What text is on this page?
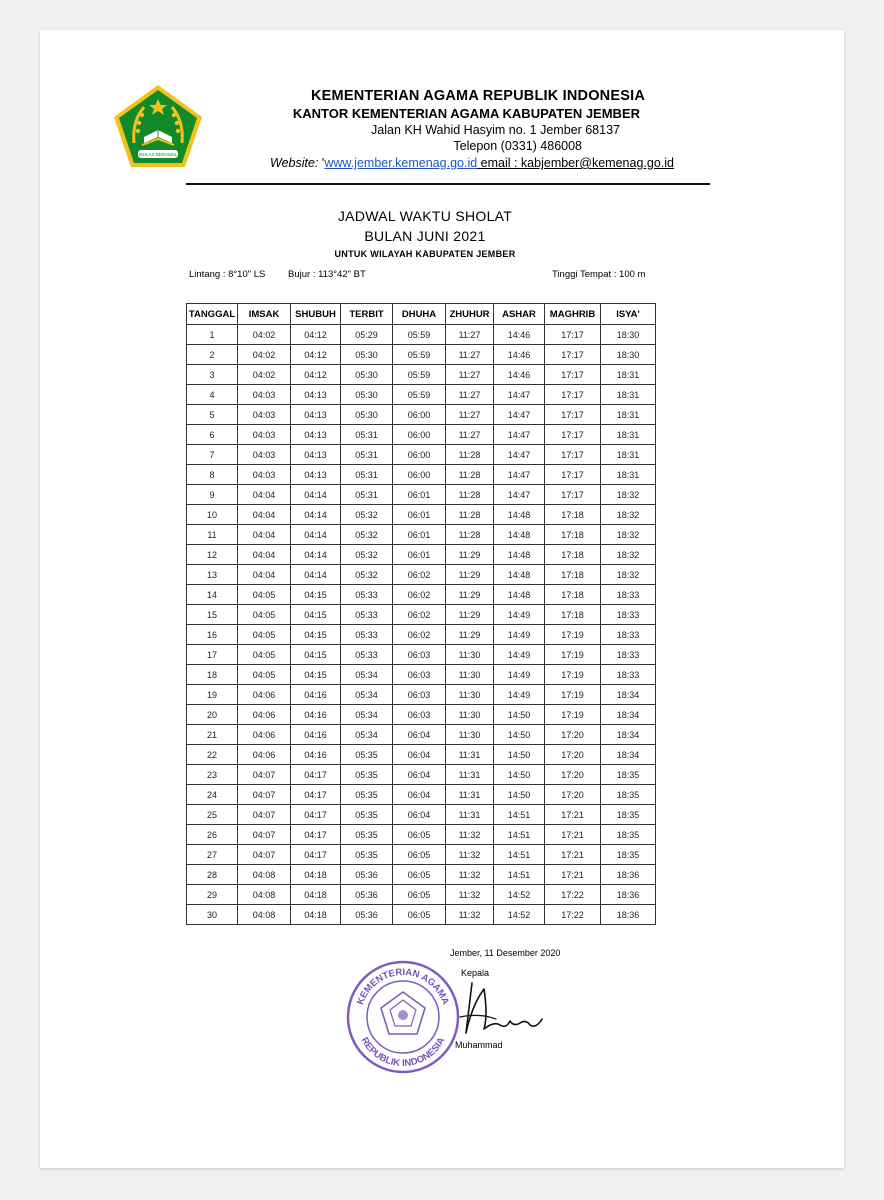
IKHLAS BERAMAL
KEMENTERIAN AGAMA REPUBLIK INDONESIA
KANTOR KEMENTERIAN AGAMA KABUPATEN JEMBER
Jalan KH Wahid Hasyim no. 1 Jember 68137
Telepon (0331) 486008
Website: 'www.jember.kemenag.go.id email : kabjember@kemenag.go.id
JADWAL WAKTU SHOLAT
BULAN JUNI 2021
UNTUK WILAYAH KABUPATEN JEMBER
Lintang : 8°10" LS Bujur : 113°42" BT	Tinggi Tempat : 100 m
TANGGAL	IMSAK	SHUBUH	TERBIT	DHUHA	ZHUHUR	ASHAR	MAGHRIB	ISYA'
1	04:02	04:12	05:29	05:59	11:27	14:46	17:17	18:30
2	04:02	04:12	05:30	05:59	11:27	14:46	17:17	18:30
3	04:02	04:12	05:30	05:59	11:27	14:46	17:17	18:31
4	04:03	04:13	05:30	05:59	11:27	14:47	17:17	18:31
5	04:03	04:13	05:30	06:00	11:27	14:47	17:17	18:31
6	04:03	04:13	05:31	06:00	11:27	14:47	17:17	18:31
7	04:03	04:13	05:31	06:00	11:28	14:47	17:17	18:31
8	04:03	04:13	05:31	06:00	11:28	14:47	17:17	18:31
9	04:04	04:14	05:31	06:01	11:28	14:47	17:17	18:32
10	04:04	04:14	05:32	06:01	11:28	14:48	17:18	18:32
11	04:04	04:14	05:32	06:01	11:28	14:48	17:18	18:32
12	04:04	04:14	05:32	06:01	11:29	14:48	17:18	18:32
13	04:04	04:14	05:32	06:02	11:29	14:48	17:18	18:32
14	04:05	04:15	05:33	06:02	11:29	14:48	17:18	18:33
15	04:05	04:15	05:33	06:02	11:29	14:49	17:18	18:33
16	04:05	04:15	05:33	06:02	11:29	14:49	17:19	18:33
17	04:05	04:15	05:33	06:03	11:30	14:49	17:19	18:33
18	04:05	04:15	05:34	06:03	11:30	14:49	17:19	18:33
19	04:06	04:16	05:34	06:03	11:30	14:49	17:19	18:34
20	04:06	04:16	05:34	06:03	11:30	14:50	17:19	18:34
21	04:06	04:16	05:34	06:04	11:30	14:50	17:20	18:34
22	04:06	04:16	05:35	06:04	11:31	14:50	17:20	18:34
23	04:07	04:17	05:35	06:04	11:31	14:50	17:20	18:35
24	04:07	04:17	05:35	06:04	11:31	14:50	17:20	18:35
25	04:07	04:17	05:35	06:04	11:31	14:51	17:21	18:35
26	04:07	04:17	05:35	06:05	11:32	14:51	17:21	18:35
27	04:07	04:17	05:35	06:05	11:32	14:51	17:21	18:35
28	04:08	04:18	05:36	06:05	11:32	14:51	17:21	18:36
29	04:08	04:18	05:36	06:05	11:32	14:52	17:22	18:36
30	04:08	04:18	05:36	06:05	11:32	14:52	17:22	18:36
Jember, 11 Desember 2020
Kepala
KEMENTERIAN AGAMA
REPUBLIK INDONESIA Muhammad
